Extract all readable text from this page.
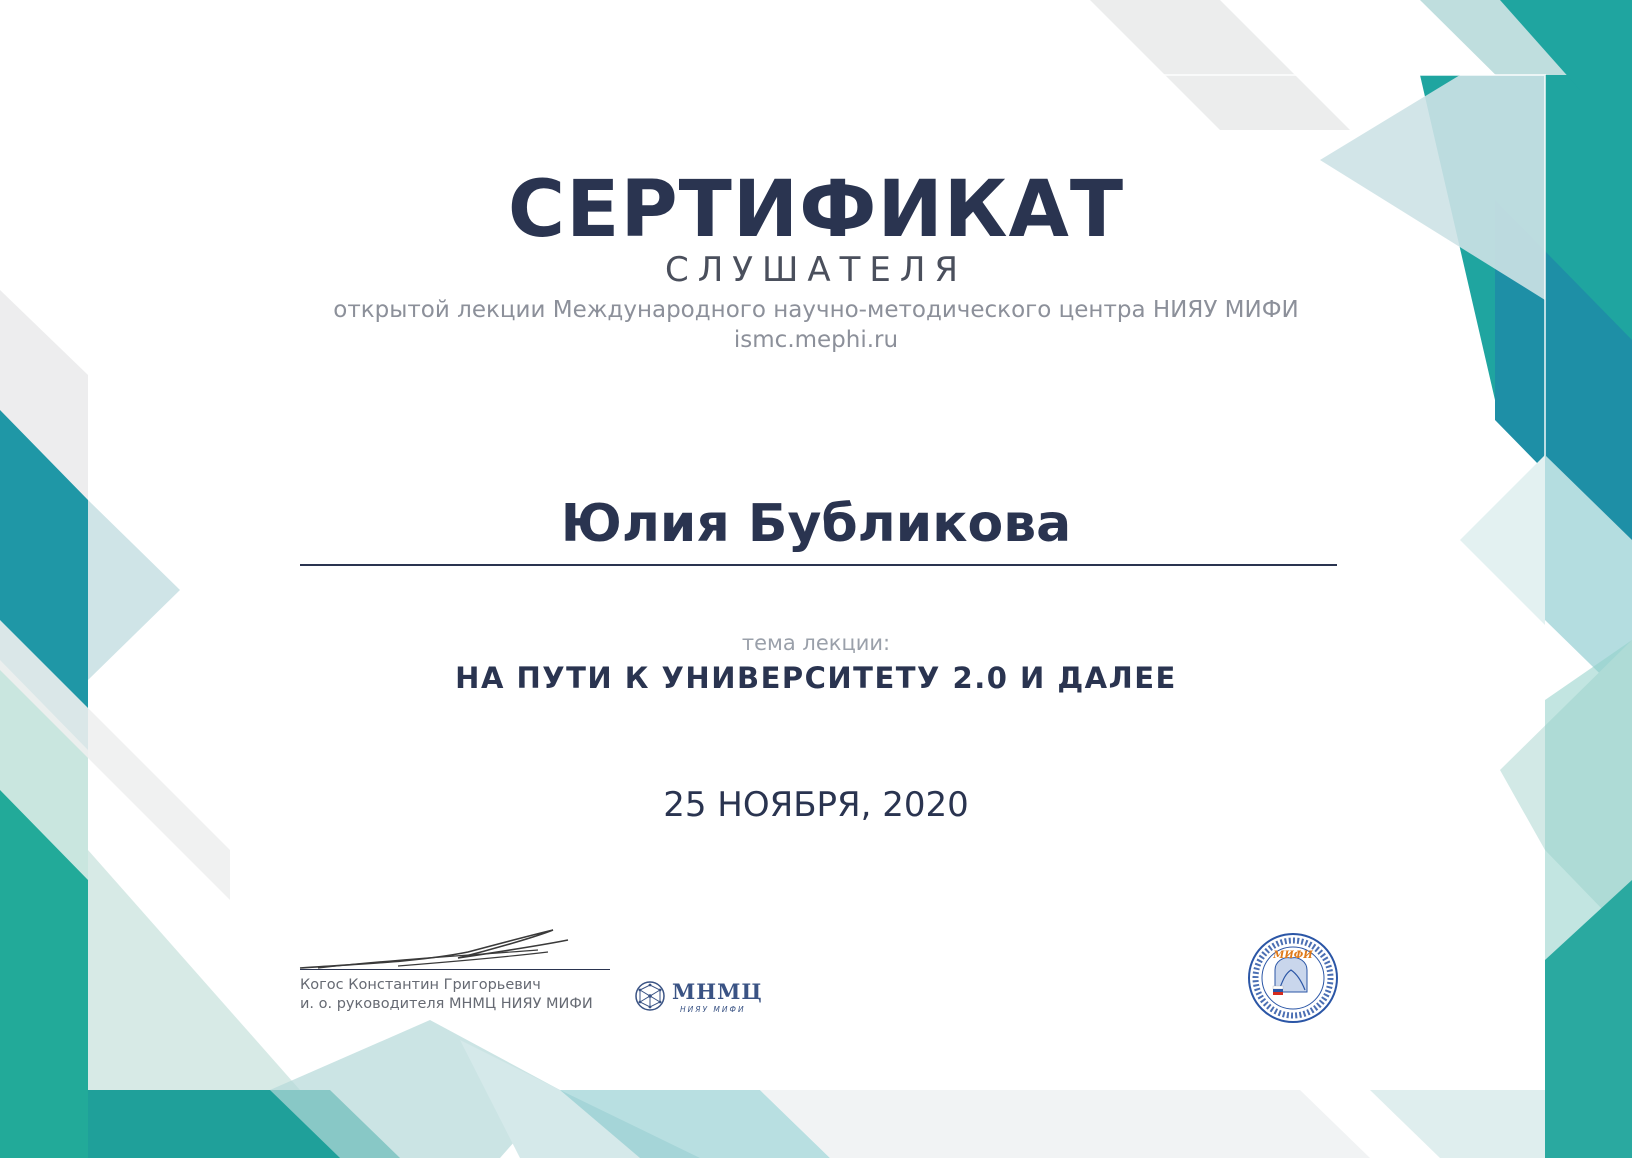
СЕРТИФИКАТ
СЛУШАТЕЛЯ
открытой лекции Международного научно-методического центра НИЯУ МИФИ
ismc.mephi.ru
Юлия Бубликова
тема лекции:
НА ПУТИ К УНИВЕРСИТЕТУ 2.0 И ДАЛЕЕ
25 НОЯБРЯ, 2020
Когос Константин Григорьевич
и. о. руководителя МНМЦ НИЯУ МИФИ	МНМЦ
НИЯУ МИФИ
МИФИ
